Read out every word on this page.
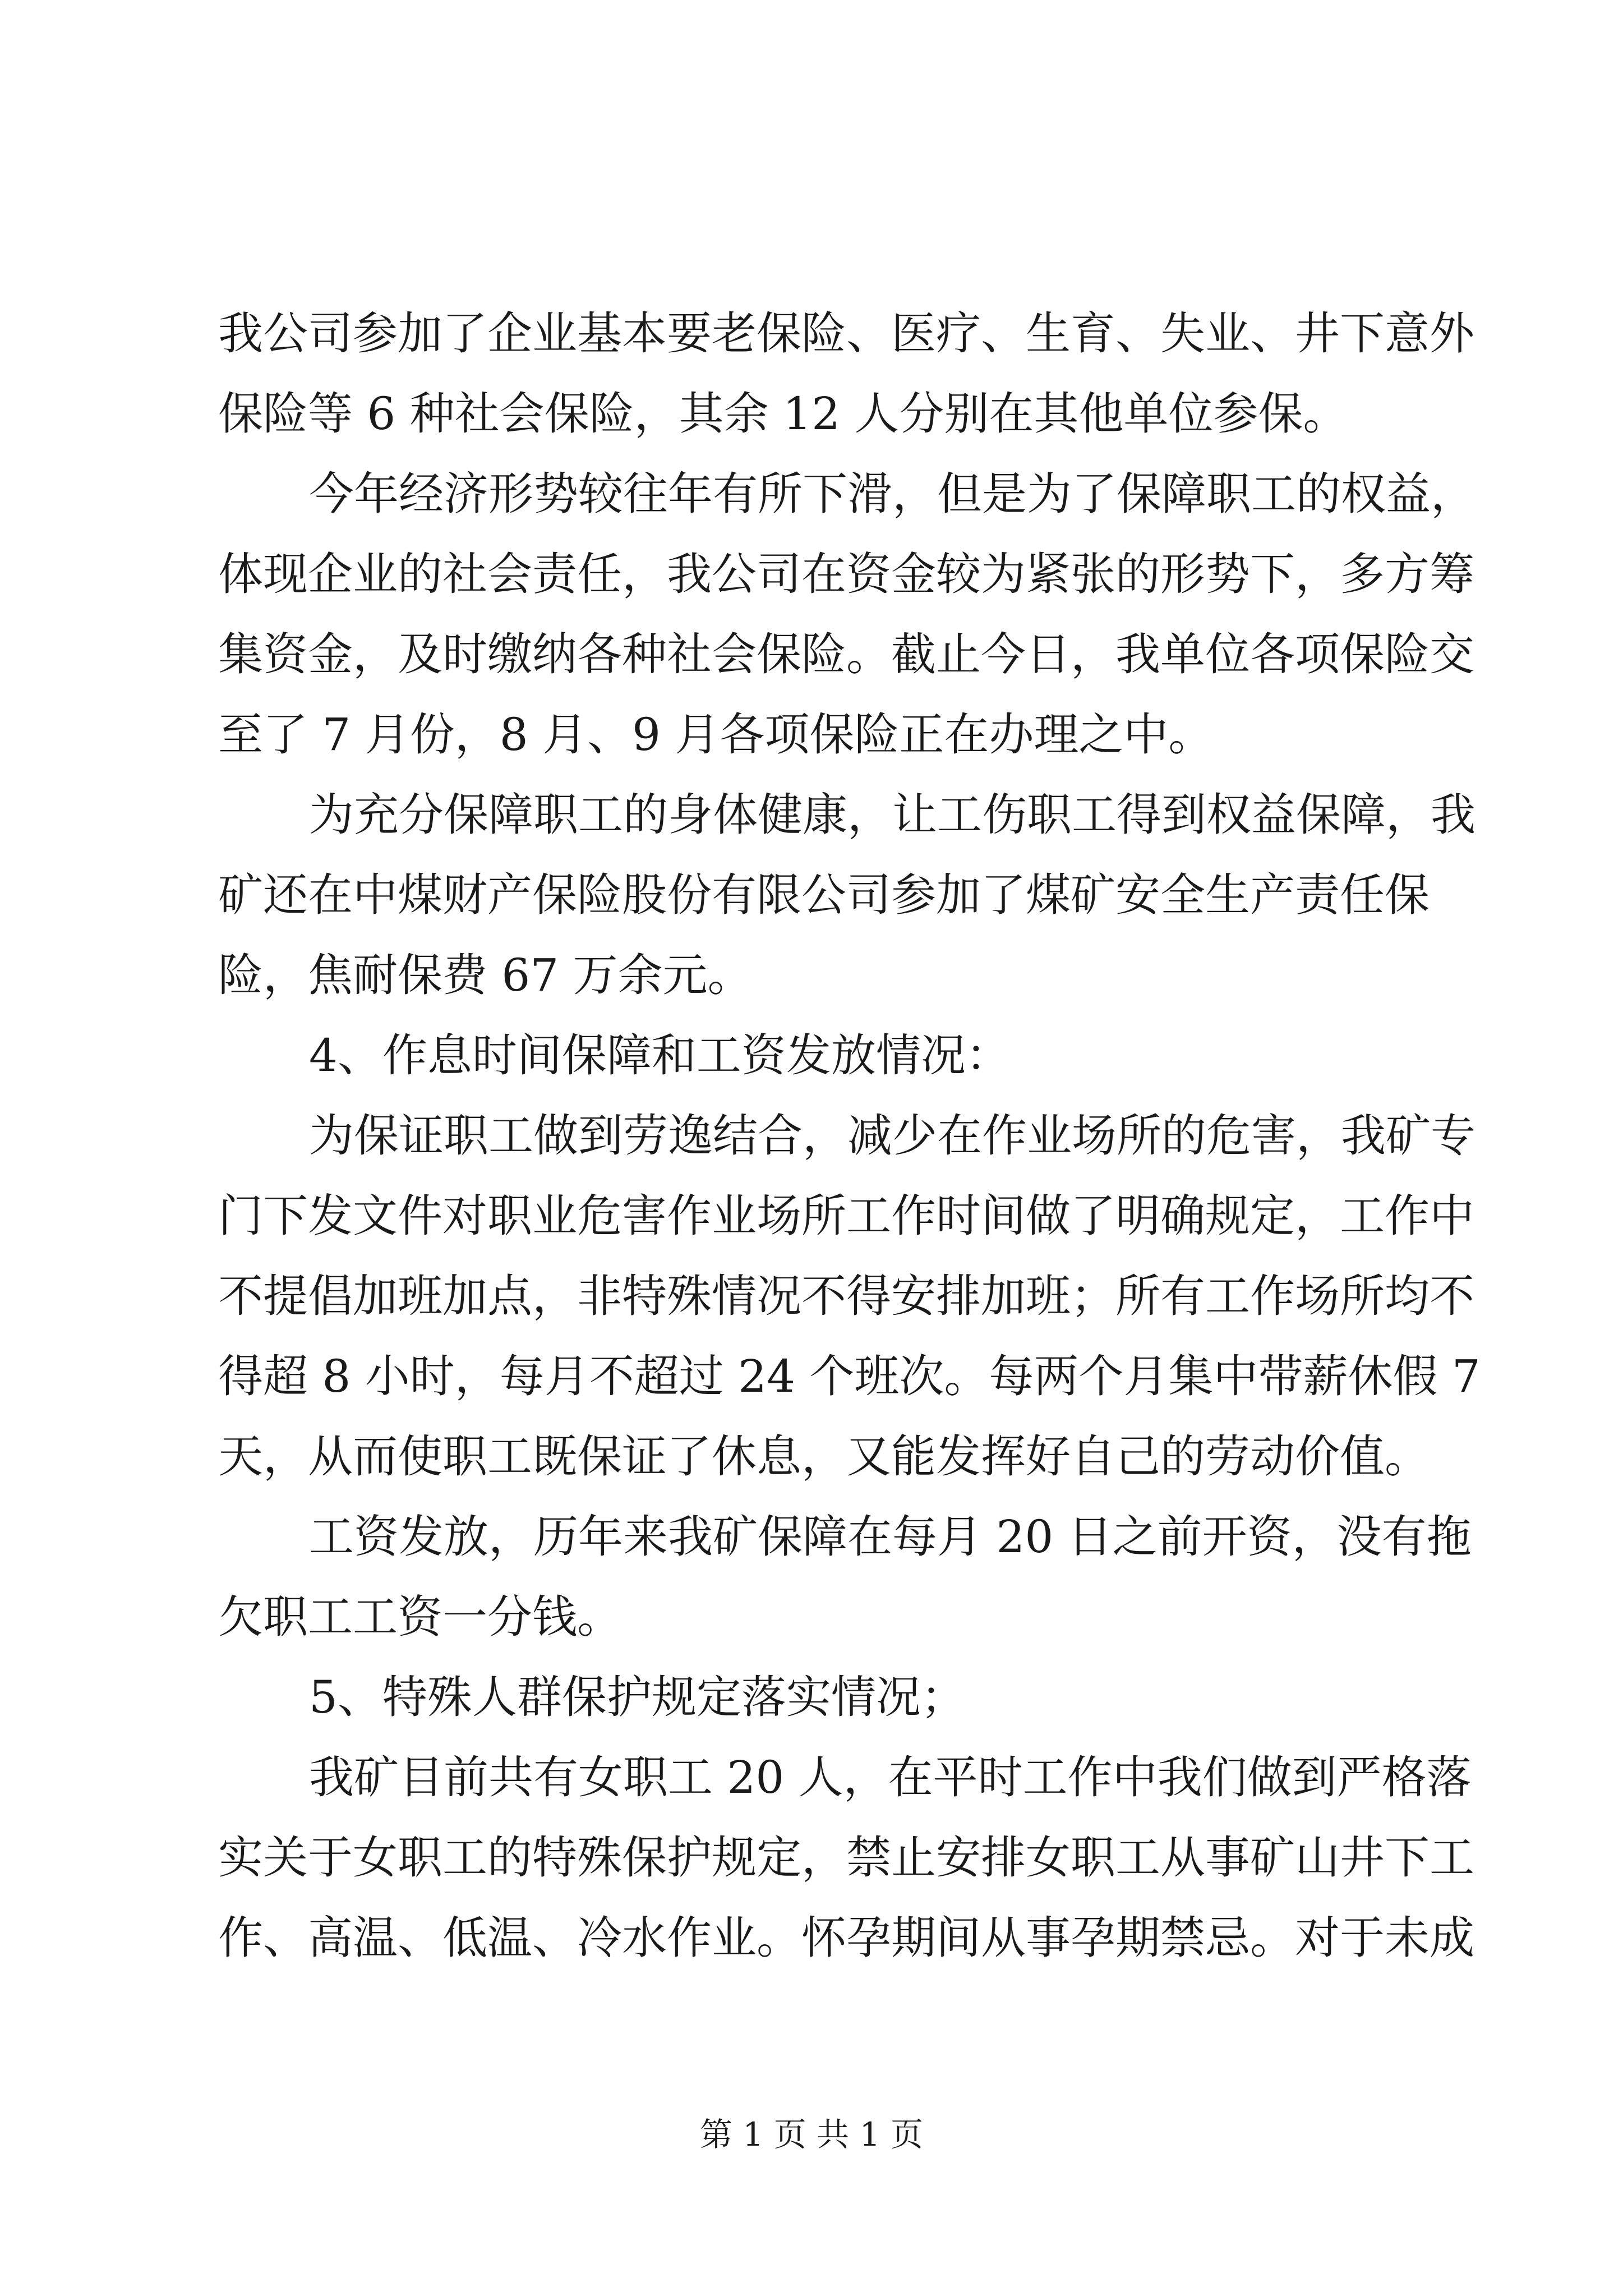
我公司参加了企业基本要老保险、医疗、生育、失业、井下意外
保险等 6 种社会保险，其余 12 人分别在其他单位参保。
今年经济形势较往年有所下滑，但是为了保障职工的权益，
体现企业的社会责任，我公司在资金较为紧张的形势下，多方筹
集资金，及时缴纳各种社会保险。截止今日，我单位各项保险交
至了 7 月份，8 月、9 月各项保险正在办理之中。
为充分保障职工的身体健康，让工伤职工得到权益保障，我
矿还在中煤财产保险股份有限公司参加了煤矿安全生产责任保
险，焦耐保费 67 万余元。
4、作息时间保障和工资发放情况：
为保证职工做到劳逸结合，减少在作业场所的危害，我矿专
门下发文件对职业危害作业场所工作时间做了明确规定，工作中
不提倡加班加点，非特殊情况不得安排加班；所有工作场所均不
得超 8 小时，每月不超过 24 个班次。每两个月集中带薪休假 7
天，从而使职工既保证了休息，又能发挥好自己的劳动价值。
工资发放，历年来我矿保障在每月 20 日之前开资，没有拖
欠职工工资一分钱。
5、特殊人群保护规定落实情况；
我矿目前共有女职工 20 人，在平时工作中我们做到严格落
实关于女职工的特殊保护规定，禁止安排女职工从事矿山井下工
作、高温、低温、冷水作业。怀孕期间从事孕期禁忌。对于未成
第 1 页 共 1 页
